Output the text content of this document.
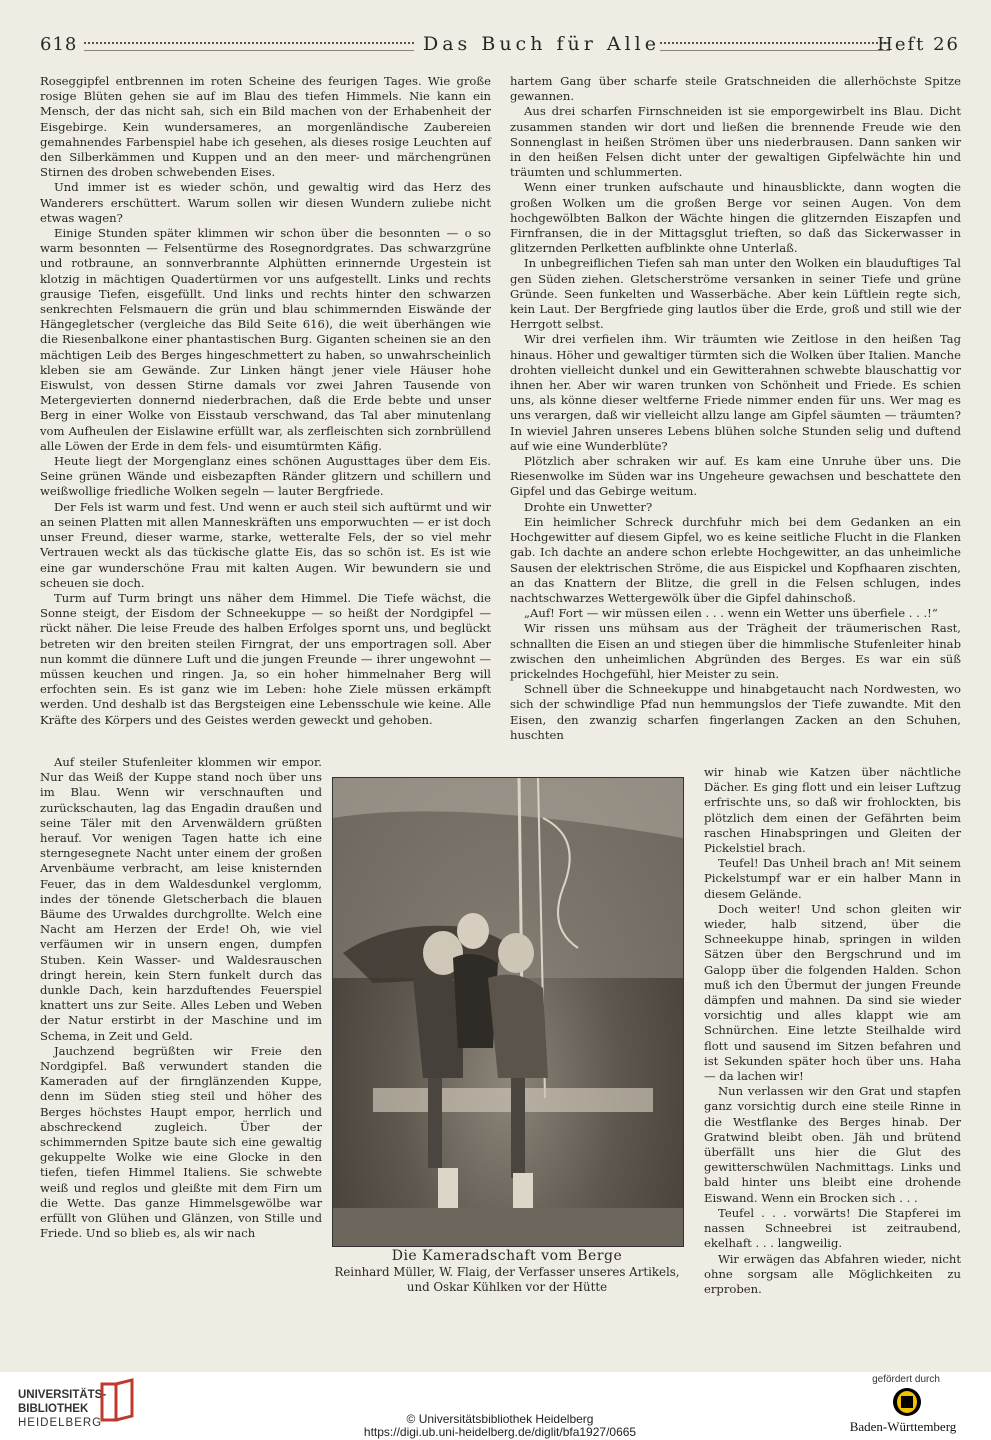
618	Das Buch für Alle	Heft 26

Roseggipfel entbrennen im roten Scheine des feurigen Tages. Wie große rosige Blüten gehen sie auf im Blau des tiefen Himmels. Nie kann ein Mensch, der das nicht sah, sich ein Bild machen von der Erhabenheit der Eisgebirge. Kein wundersameres, an morgenländische Zaubereien gemahnendes Farbenspiel habe ich gesehen, als dieses rosige Leuchten auf den Silberkämmen und Kuppen und an den meer- und märchengrünen Stirnen des droben schwebenden Eises.

Und immer ist es wieder schön, und gewaltig wird das Herz des Wanderers erschüttert. Warum sollen wir diesen Wundern zuliebe nicht etwas wagen?

Einige Stunden später klimmen wir schon über die besonnten — o so warm besonnten — Felsentürme des Rosegnordgrates. Das schwarzgrüne und rotbraune, an sonnverbrannte Alphütten erinnernde Urgestein ist klotzig in mächtigen Quadertürmen vor uns aufgestellt. Links und rechts grausige Tiefen, eisgefüllt. Und links und rechts hinter den schwarzen senkrechten Felsmauern die grün und blau schimmernden Eiswände der Hängegletscher (vergleiche das Bild Seite 616), die weit überhängen wie die Riesenbalkone einer phantastischen Burg. Giganten scheinen sie an den mächtigen Leib des Berges hingeschmettert zu haben, so unwahrscheinlich kleben sie am Gewände. Zur Linken hängt jener viele Häuser hohe Eiswulst, von dessen Stirne damals vor zwei Jahren Tausende von Metergevierten donnernd niederbrachen, daß die Erde bebte und unser Berg in einer Wolke von Eisstaub verschwand, das Tal aber minutenlang vom Aufheulen der Eislawine erfüllt war, als zerfleischten sich zornbrüllend alle Löwen der Erde in dem fels- und eisumtürmten Käfig.

Heute liegt der Morgenglanz eines schönen Augusttages über dem Eis. Seine grünen Wände und eisbezapften Ränder glitzern und schillern und weißwollige friedliche Wolken segeln — lauter Bergfriede.

Der Fels ist warm und fest. Und wenn er auch steil sich auftürmt und wir an seinen Platten mit allen Manneskräften uns emporwuchten — er ist doch unser Freund, dieser warme, starke, wetteralte Fels, der so viel mehr Vertrauen weckt als das tückische glatte Eis, das so schön ist. Es ist wie eine gar wunderschöne Frau mit kalten Augen. Wir bewundern sie und scheuen sie doch.

Turm auf Turm bringt uns näher dem Himmel. Die Tiefe wächst, die Sonne steigt, der Eisdom der Schneekuppe — so heißt der Nordgipfel — rückt näher. Die leise Freude des halben Erfolges spornt uns, und beglückt betreten wir den breiten steilen Firngrat, der uns emportragen soll. Aber nun kommt die dünnere Luft und die jungen Freunde — ihrer ungewohnt — müssen keuchen und ringen. Ja, so ein hoher himmelnaher Berg will erfochten sein. Es ist ganz wie im Leben: hohe Ziele müssen erkämpft werden. Und deshalb ist das Bergsteigen eine Lebensschule wie keine. Alle Kräfte des Körpers und des Geistes werden geweckt und gehoben.

Auf steiler Stufenleiter klommen wir empor. Nur das Weiß der Kuppe stand noch über uns im Blau. Wenn wir verschnauften und zurückschauten, lag das Engadin draußen und seine Täler mit den Arvenwäldern grüßten herauf. Vor wenigen Tagen hatte ich eine sterngesegnete Nacht unter einem der großen Arvenbäume verbracht, am leise knisternden Feuer, das in dem Waldesdunkel verglomm, indes der tönende Gletscherbach die blauen Bäume des Urwaldes durchgrollte. Welch eine Nacht am Herzen der Erde! Oh, wie viel verfäumen wir in unsern engen, dumpfen Stuben. Kein Wasser- und Waldesrauschen dringt herein, kein Stern funkelt durch das dunkle Dach, kein harzduftendes Feuerspiel knattert uns zur Seite. Alles Leben und Weben der Natur erstirbt in der Maschine und im Schema, in Zeit und Geld.

Jauchzend begrüßten wir Freie den Nordgipfel. Baß verwundert standen die Kameraden auf der firnglänzenden Kuppe, denn im Süden stieg steil und höher des Berges höchstes Haupt empor, herrlich und abschreckend zugleich. Über der schimmernden Spitze baute sich eine gewaltig gekuppelte Wolke wie eine Glocke in den tiefen, tiefen Himmel Italiens. Sie schwebte weiß und reglos und gleißte mit dem Firn um die Wette. Das ganze Himmelsgewölbe war erfüllt von Glühen und Glänzen, von Stille und Friede. Und so blieb es, als wir nach

hartem Gang über scharfe steile Gratschneiden die allerhöchste Spitze gewannen.

Aus drei scharfen Firnschneiden ist sie emporgewirbelt ins Blau. Dicht zusammen standen wir dort und ließen die brennende Freude wie den Sonnenglast in heißen Strömen über uns niederbrausen. Dann sanken wir in den heißen Felsen dicht unter der gewaltigen Gipfelwächte hin und träumten und schlummerten.

Wenn einer trunken aufschaute und hinausblickte, dann wogten die großen Wolken um die großen Berge vor seinen Augen. Von dem hochgewölbten Balkon der Wächte hingen die glitzernden Eiszapfen und Firnfransen, die in der Mittagsglut trieften, so daß das Sickerwasser in glitzernden Perlketten aufblinkte ohne Unterlaß.

In unbegreiflichen Tiefen sah man unter den Wolken ein blauduftiges Tal gen Süden ziehen. Gletscherströme versanken in seiner Tiefe und grüne Gründe. Seen funkelten und Wasserbäche. Aber kein Lüftlein regte sich, kein Laut. Der Bergfriede ging lautlos über die Erde, groß und still wie der Herrgott selbst.

Wir drei verfielen ihm. Wir träumten wie Zeitlose in den heißen Tag hinaus. Höher und gewaltiger türmten sich die Wolken über Italien. Manche drohten vielleicht dunkel und ein Gewitterahnen schwebte blauschattig vor ihnen her. Aber wir waren trunken von Schönheit und Friede. Es schien uns, als könne dieser weltferne Friede nimmer enden für uns. Wer mag es uns verargen, daß wir vielleicht allzu lange am Gipfel säumten — träumten? In wieviel Jahren unseres Lebens blühen solche Stunden selig und duftend auf wie eine Wunderblüte?

Plötzlich aber schraken wir auf. Es kam eine Unruhe über uns. Die Riesenwolke im Süden war ins Ungeheure gewachsen und beschattete den Gipfel und das Gebirge weitum.

Drohte ein Unwetter?

Ein heimlicher Schreck durchfuhr mich bei dem Gedanken an ein Hochgewitter auf diesem Gipfel, wo es keine seitliche Flucht in die Flanken gab. Ich dachte an andere schon erlebte Hochgewitter, an das unheimliche Sausen der elektrischen Ströme, die aus Eispickel und Kopfhaaren zischten, an das Knattern der Blitze, die grell in die Felsen schlugen, indes nachtschwarzes Wettergewölk über die Gipfel dahinschoß.

„Auf! Fort — wir müssen eilen . . . wenn ein Wetter uns überfiele . . .!“

Wir rissen uns mühsam aus der Trägheit der träumerischen Rast, schnallten die Eisen an und stiegen über die himmlische Stufenleiter hinab zwischen den unheimlichen Abgründen des Berges. Es war ein süß prickelndes Hochgefühl, hier Meister zu sein.

Schnell über die Schneekuppe und hinabgetaucht nach Nordwesten, wo sich der schwindlige Pfad nun hemmungslos der Tiefe zuwandte. Mit den Eisen, den zwanzig scharfen fingerlangen Zacken an den Schuhen, huschten

wir hinab wie Katzen über nächtliche Dächer. Es ging flott und ein leiser Luftzug erfrischte uns, so daß wir frohlockten, bis plötzlich dem einen der Gefährten beim raschen Hinabspringen und Gleiten der Pickelstiel brach.

Teufel! Das Unheil brach an! Mit seinem Pickelstumpf war er ein halber Mann in diesem Gelände.

Doch weiter! Und schon gleiten wir wieder, halb sitzend, über die Schneekuppe hinab, springen in wilden Sätzen über den Bergschrund und im Galopp über die folgenden Halden. Schon muß ich den Übermut der jungen Freunde dämpfen und mahnen. Da sind sie wieder vorsichtig und alles klappt wie am Schnürchen. Eine letzte Steilhalde wird flott und sausend im Sitzen befahren und ist Sekunden später hoch über uns. Haha — da lachen wir!

Nun verlassen wir den Grat und stapfen ganz vorsichtig durch eine steile Rinne in die Westflanke des Berges hinab. Der Gratwind bleibt oben. Jäh und brütend überfällt uns hier die Glut des gewitterschwülen Nachmittags. Links und bald hinter uns bleibt eine drohende Eiswand. Wenn ein Brocken sich . . .

Teufel . . . vorwärts! Die Stapferei im nassen Schneebrei ist zeitraubend, ekelhaft . . . langweilig.

Wir erwägen das Abfahren wieder, nicht ohne sorgsam alle Möglichkeiten zu erproben.

Die Kameradschaft vom Berge
Reinhard Müller, W. Flaig, der Verfasser unseres Artikels,
und Oskar Kühlken vor der Hütte
UNIVERSITÄTS-
BIBLIOTHEK
HEIDELBERG	© Universitätsbibliothek Heidelberg
https://digi.ub.uni-heidelberg.de/diglit/bfa1927/0665
gefördert durch
Baden-Württemberg
